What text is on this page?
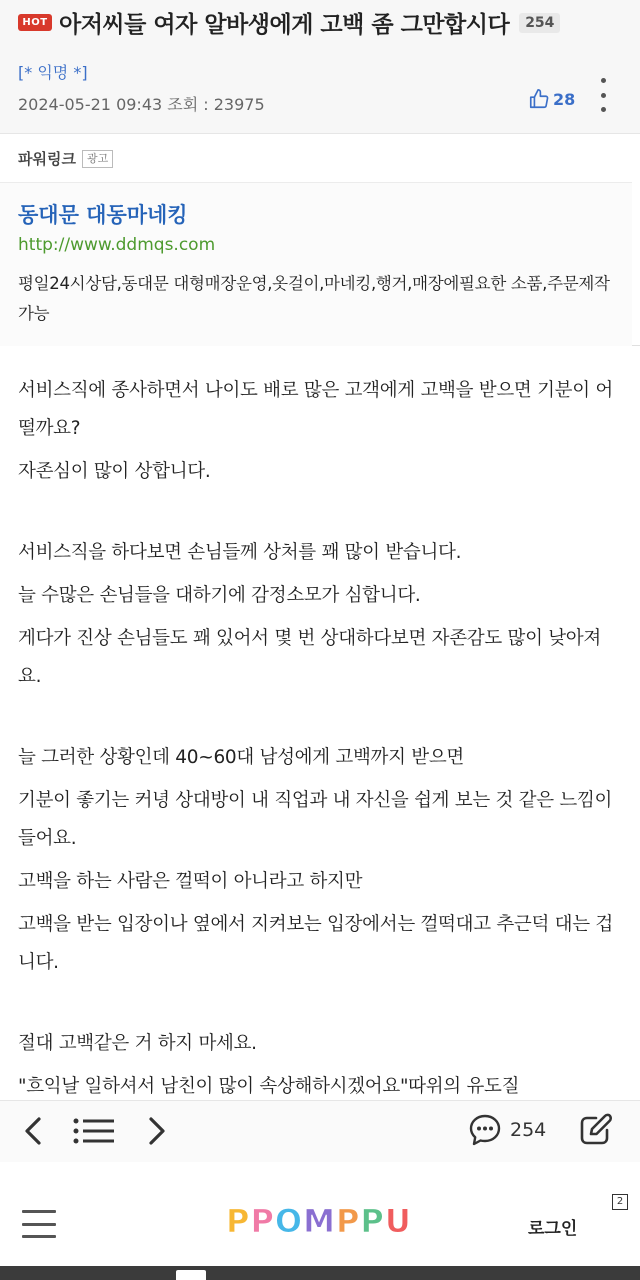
HOT 아저씨들 여자 알바생에게 고백 좀 그만합시다	254
[* 익명 *]
2024-05-21 09:43 조회 : 23975	28
파워링크	광고
동대문 대동마네킹
http://www.ddmqs.com
평일24시상담,동대문 대형매장운영,옷걸이,마네킹,행거,매장에필요한 소품,주문제작가능

서비스직에 종사하면서 나이도 배로 많은 고객에게 고백을 받으면 기분이 어떨까요?

자존심이 많이 상합니다.

서비스직을 하다보면 손님들께 상처를 꽤 많이 받습니다.

늘 수많은 손님들을 대하기에 감정소모가 심합니다.

게다가 진상 손님들도 꽤 있어서 몇 번 상대하다보면 자존감도 많이 낮아져요.

늘 그러한 상황인데 40~60대 남성에게 고백까지 받으면

기분이 좋기는 커녕 상대방이 내 직업과 내 자신을 쉽게 보는 것 같은 느낌이 들어요.

고백을 하는 사람은 껄떡이 아니라고 하지만

고백을 받는 입장이나 옆에서 지켜보는 입장에서는 껄떡대고 추근덕 대는 겁니다.

절대 고백같은 거 하지 마세요.

"흐익날 일하셔서 남친이 많이 속상해하시겠어요"따위의 유도질

254
PPOMPPU	로그인
2
